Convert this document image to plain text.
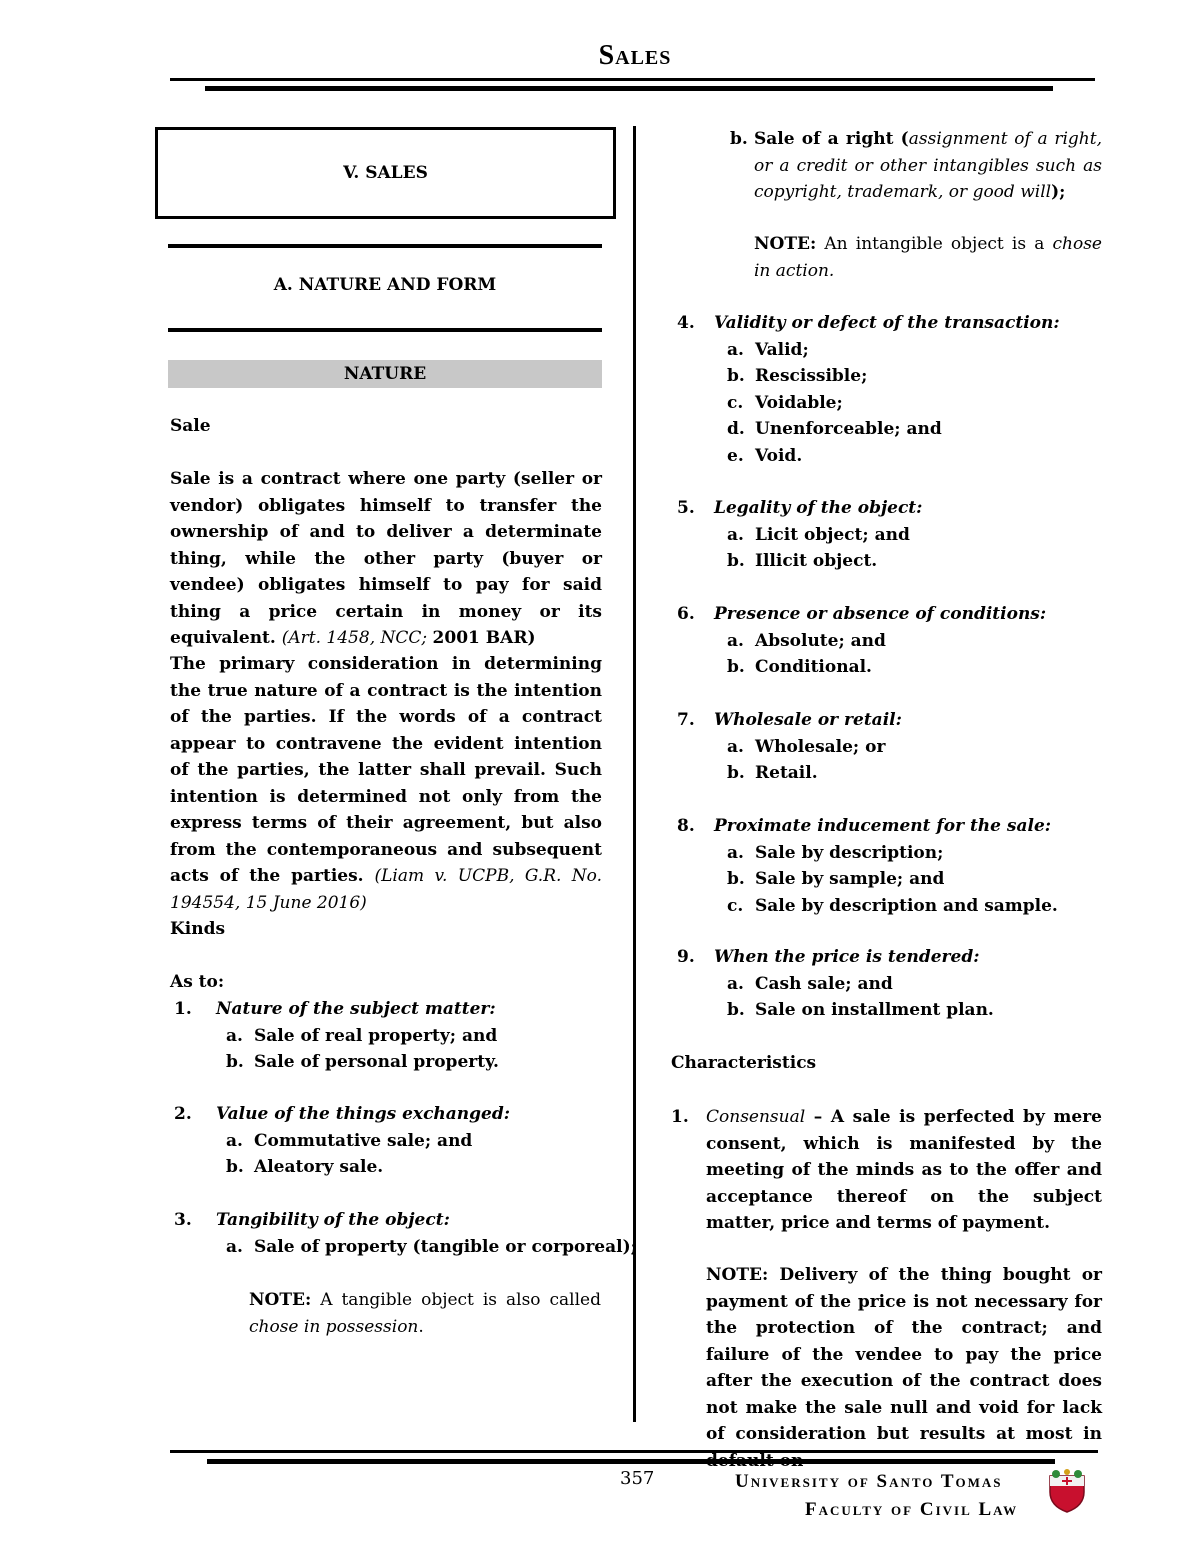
Sales
V. SALES
A. NATURE AND FORM
NATURE
Sale
Sale is a contract where one party (seller or vendor) obligates himself to transfer the ownership of and to deliver a determinate thing, while the other party (buyer or vendee) obligates himself to pay for said thing a price certain in money or its equivalent. (Art. 1458, NCC; 2001 BAR)
The primary consideration in determining the true nature of a contract is the intention of the parties. If the words of a contract appear to contravene the evident intention of the parties, the latter shall prevail. Such intention is determined not only from the express terms of their agreement, but also from the contemporaneous and subsequent acts of the parties. (Liam v. UCPB, G.R. No. 194554, 15 June 2016)
Kinds
As to:
1. Nature of the subject matter:
a. Sale of real property; and
b. Sale of personal property.
2. Value of the things exchanged:
a. Commutative sale; and
b. Aleatory sale.
3. Tangibility of the object:
a. Sale of property (tangible or corporeal);
NOTE: A tangible object is also called chose in possession.
b. Sale of a right (assignment of a right, or a credit or other intangibles such as copyright, trademark, or good will);
NOTE: An intangible object is a chose in action.
4. Validity or defect of the transaction:
a. Valid;
b. Rescissible;
c. Voidable;
d. Unenforceable; and
e. Void.
5. Legality of the object:
a. Licit object; and
b. Illicit object.
6. Presence or absence of conditions:
a. Absolute; and
b. Conditional.
7. Wholesale or retail:
a. Wholesale; or
b. Retail.
8. Proximate inducement for the sale:
a. Sale by description;
b. Sale by sample; and
c. Sale by description and sample.
9. When the price is tendered:
a. Cash sale; and
b. Sale on installment plan.
Characteristics
1. Consensual – A sale is perfected by mere consent, which is manifested by the meeting of the minds as to the offer and acceptance thereof on the subject matter, price and terms of payment.
NOTE: Delivery of the thing bought or payment of the price is not necessary for the protection of the contract; and failure of the vendee to pay the price after the execution of the contract does not make the sale null and void for lack of consideration but results at most in
357	University of Santo Tomas
Faculty of Civil Law
